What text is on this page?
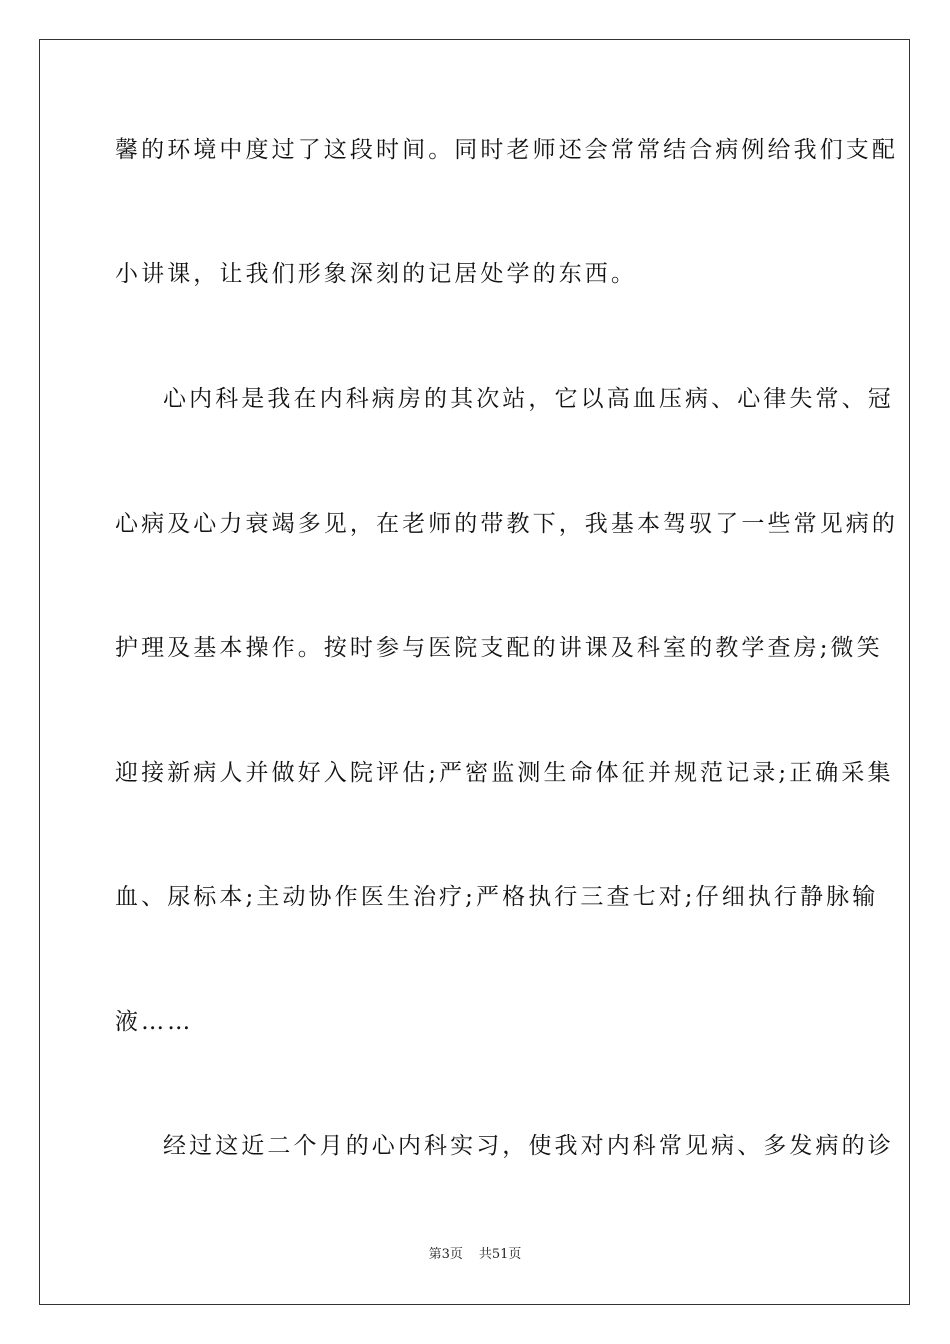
馨的环境中度过了这段时间。同时老师还会常常结合病例给我们支配
小讲课，让我们形象深刻的记居处学的东西。
心内科是我在内科病房的其次站，它以高血压病、心律失常、冠
心病及心力衰竭多见，在老师的带教下，我基本驾驭了一些常见病的
护理及基本操作。按时参与医院支配的讲课及科室的教学查房;微笑
迎接新病人并做好入院评估;严密监测生命体征并规范记录;正确采集
血、尿标本;主动协作医生治疗;严格执行三查七对;仔细执行静脉输
液……
经过这近二个月的心内科实习，使我对内科常见病、多发病的诊
第3页 共51页
